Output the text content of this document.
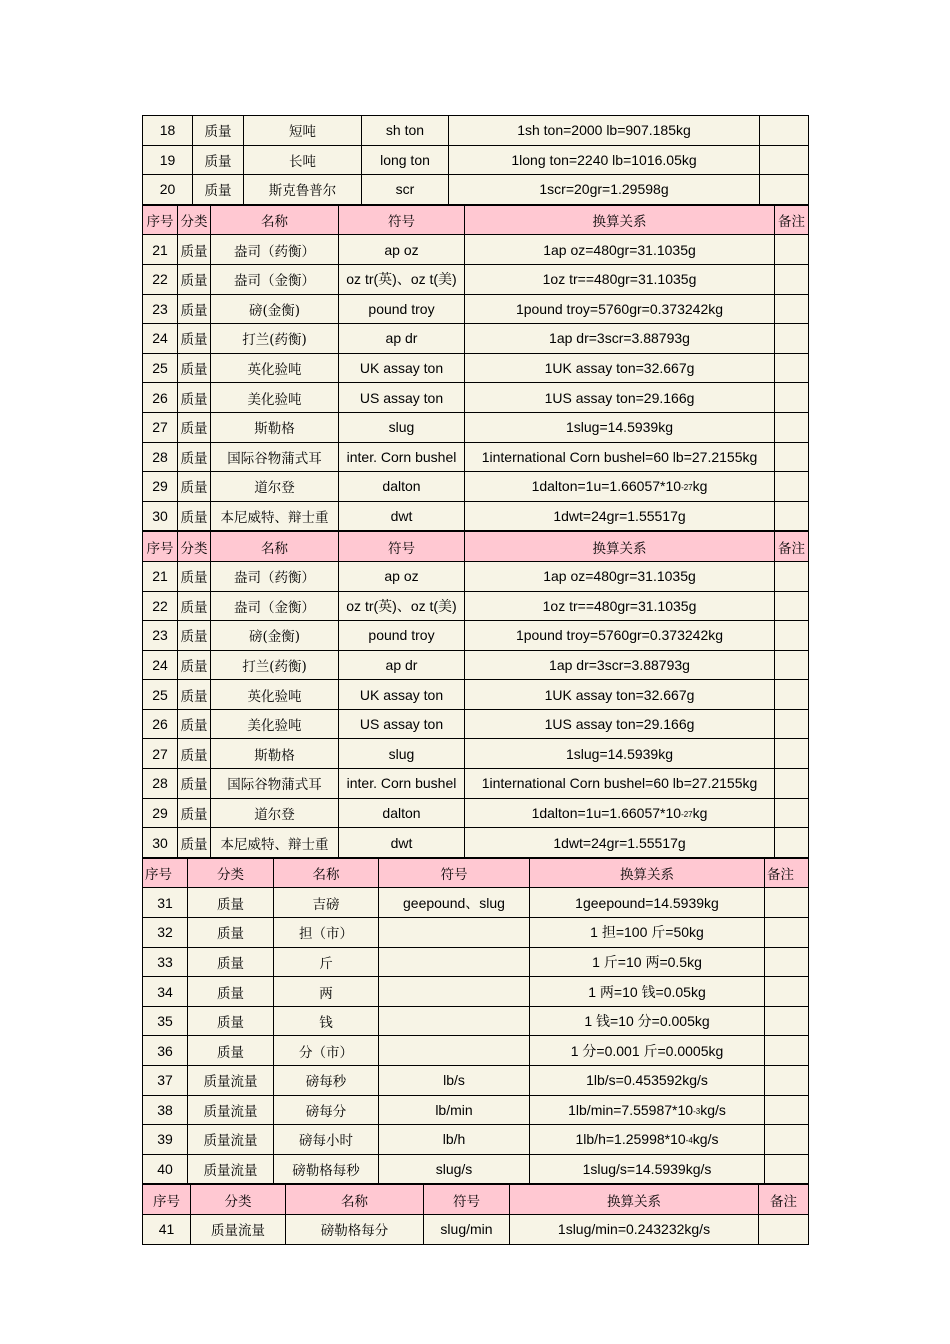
18	质量	短吨	sh ton	1sh ton=2000 lb=907.185kg	
19	质量	长吨	long ton	1long ton=2240 lb=1016.05kg	
20	质量	斯克鲁普尔	scr	1scr=20gr=1.29598g	
序号	分类	名称	符号	换算关系	备注
21	质量	盎司（药衡）	ap oz	1ap oz=480gr=31.1035g	
22	质量	盎司（金衡）	oz tr(英)、oz t(美)	1oz tr==480gr=31.1035g	
23	质量	磅(金衡)	pound troy	1pound troy=5760gr=0.373242kg	
24	质量	打兰(药衡)	ap dr	1ap dr=3scr=3.88793g	
25	质量	英化验吨	UK assay ton	1UK assay ton=32.667g	
26	质量	美化验吨	US assay ton	1US assay ton=29.166g	
27	质量	斯勒格	slug	1slug=14.5939kg	
28	质量	国际谷物蒲式耳	inter. Corn bushel	1international Corn bushel=60 lb=27.2155kg	
29	质量	道尔登	dalton	$1dalton=1u=1.66057*10^{-27}kg$	
30	质量	本尼威特、辩士重	dwt	1dwt=24gr=1.55517g	
序号	分类	名称	符号	换算关系	备注
21	质量	盎司（药衡）	ap oz	1ap oz=480gr=31.1035g	
22	质量	盎司（金衡）	oz tr(英)、oz t(美)	1oz tr==480gr=31.1035g	
23	质量	磅(金衡)	pound troy	1pound troy=5760gr=0.373242kg	
24	质量	打兰(药衡)	ap dr	1ap dr=3scr=3.88793g	
25	质量	英化验吨	UK assay ton	1UK assay ton=32.667g	
26	质量	美化验吨	US assay ton	1US assay ton=29.166g	
27	质量	斯勒格	slug	1slug=14.5939kg	
28	质量	国际谷物蒲式耳	inter. Corn bushel	1international Corn bushel=60 lb=27.2155kg	
29	质量	道尔登	dalton	$1dalton=1u=1.66057*10^{-27}kg$	
30	质量	本尼威特、辩士重	dwt	1dwt=24gr=1.55517g	
序号	分类	名称	符号	换算关系	备注
31	质量	吉磅	geepound、slug	1geepound=14.5939kg	
32	质量	担（市）		1 担=100 斤=50kg	
33	质量	斤		1 斤=10 两=0.5kg	
34	质量	两		1 两=10 钱=0.05kg	
35	质量	钱		1 钱=10 分=0.005kg	
36	质量	分（市）		1 分=0.001 斤=0.0005kg	
37	质量流量	磅每秒	lb/s	1lb/s=0.453592kg/s	
38	质量流量	磅每分	lb/min	$1lb/\min=7.55987*10^{-3}kg/s$	
39	质量流量	磅每小时	lb/h	$1lb/h=1.25998*10^{-4}kg/s$	
40	质量流量	磅勒格每秒	slug/s	1slug/s=14.5939kg/s	
序号	分类	名称	符号	换算关系	备注
41	质量流量	磅勒格每分	slug/min	1slug/min=0.243232kg/s	
